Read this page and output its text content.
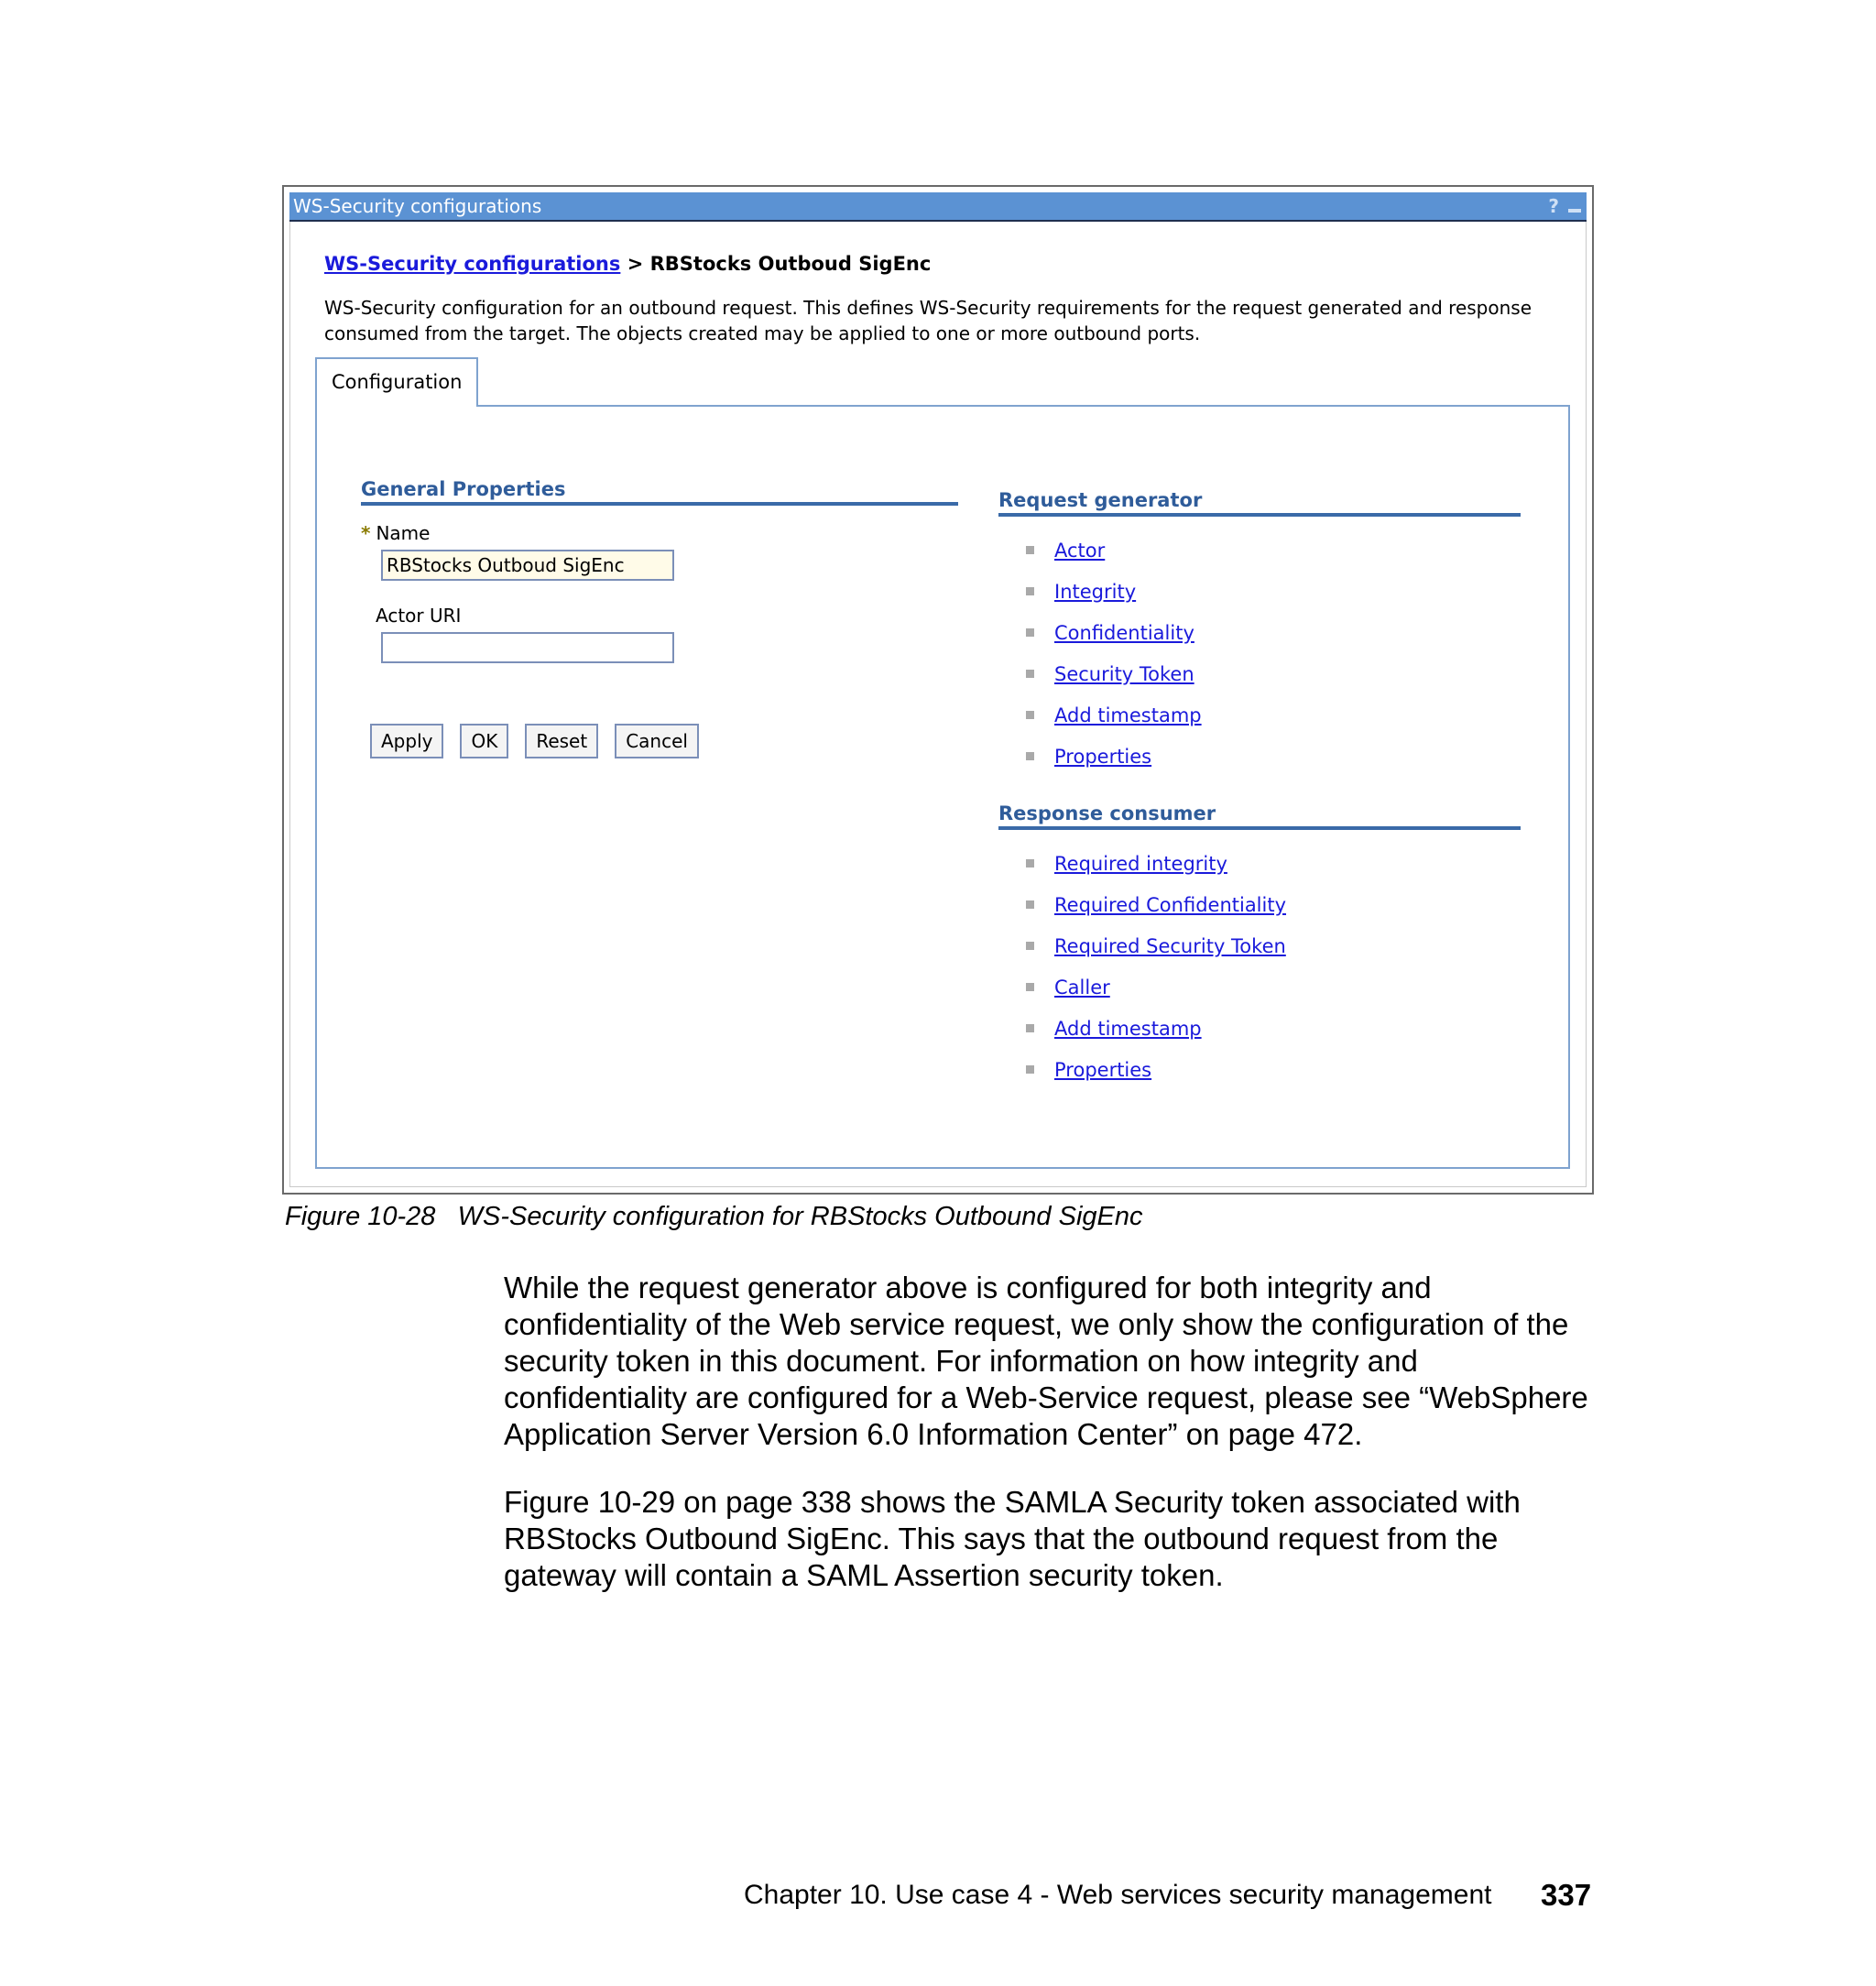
WS-Security configurations	?
WS-Security configurations > RBStocks Outboud SigEnc
WS-Security configuration for an outbound request. This defines WS-Security requirements for the request generated and response consumed from the target. The objects created may be applied to one or more outbound ports.
Configuration
General Properties
* Name
RBStocks Outboud SigEnc
Actor URI
Apply	OK	Reset	Cancel
Request generator
Actor
Integrity
Confidentiality
Security Token
Add timestamp
Properties
Response consumer
Required integrity
Required Confidentiality
Required Security Token
Caller
Add timestamp
Properties
Figure 10-28   WS-Security configuration for RBStocks Outbound SigEnc

While the request generator above is configured for both integrity and confidentiality of the Web service request, we only show the configuration of the security token in this document. For information on how integrity and confidentiality are configured for a Web-Service request, please see “WebSphere Application Server Version 6.0 Information Center” on page 472.

Figure 10-29 on page 338 shows the SAMLA Security token associated with RBStocks Outbound SigEnc. This says that the outbound request from the gateway will contain a SAML Assertion security token.

Chapter 10. Use case 4 - Web services security management 337
